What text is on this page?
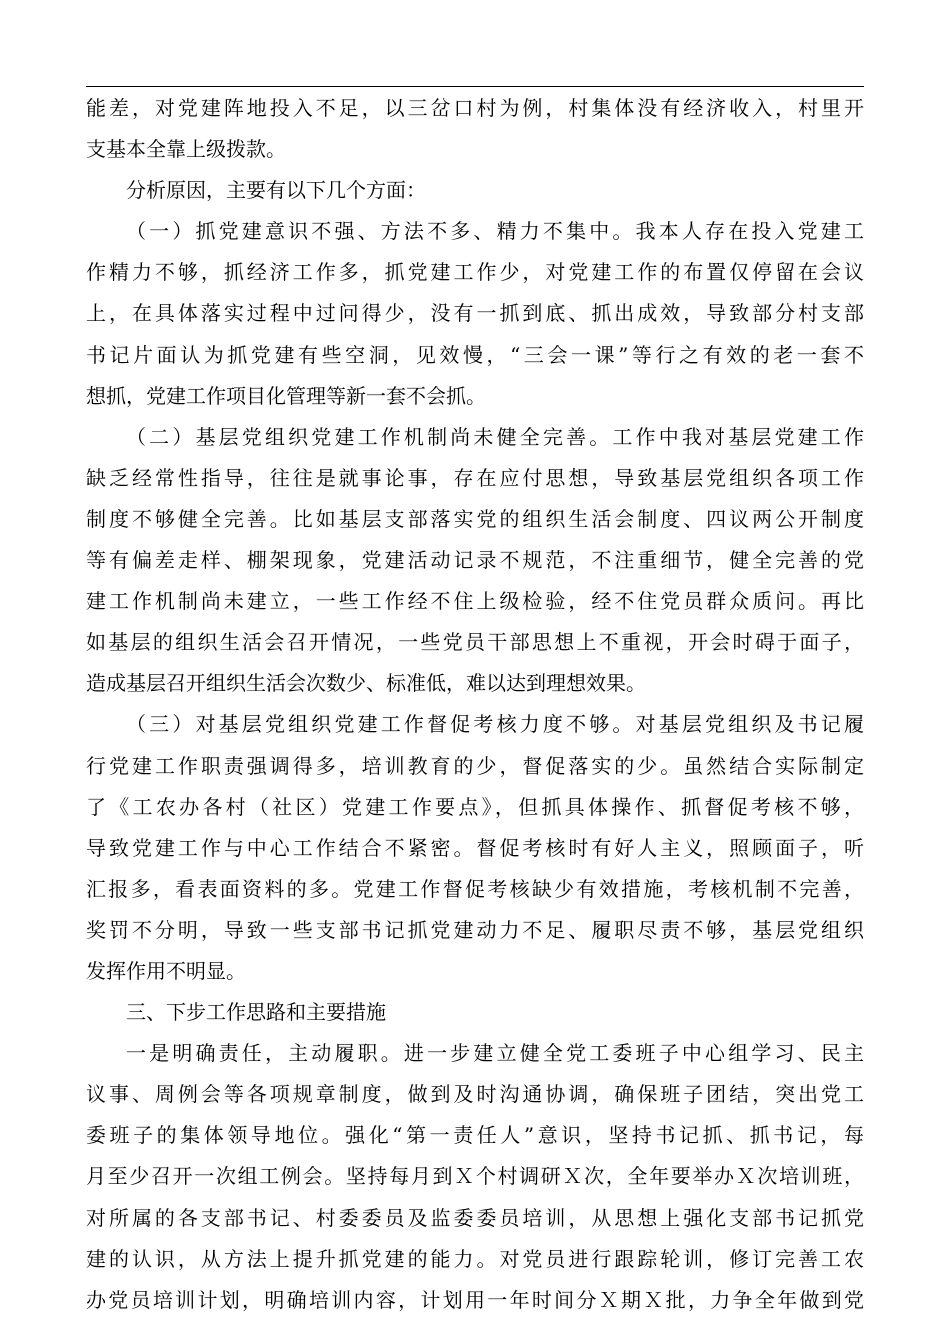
能差，对党建阵地投入不足，以三岔口村为例，村集体没有经济收入，村里开
支基本全靠上级拨款。
分析原因，主要有以下几个方面：
（一）抓党建意识不强、方法不多、精力不集中。我本人存在投入党建工
作精力不够，抓经济工作多，抓党建工作少，对党建工作的布置仅停留在会议
上，在具体落实过程中过问得少，没有一抓到底、抓出成效，导致部分村支部
书记片面认为抓党建有些空洞，见效慢，“三会一课”等行之有效的老一套不
想抓，党建工作项目化管理等新一套不会抓。
（二）基层党组织党建工作机制尚未健全完善。工作中我对基层党建工作
缺乏经常性指导，往往是就事论事，存在应付思想，导致基层党组织各项工作
制度不够健全完善。比如基层支部落实党的组织生活会制度、四议两公开制度
等有偏差走样、棚架现象，党建活动记录不规范，不注重细节，健全完善的党
建工作机制尚未建立，一些工作经不住上级检验，经不住党员群众质问。再比
如基层的组织生活会召开情况，一些党员干部思想上不重视，开会时碍于面子，
造成基层召开组织生活会次数少、标准低，难以达到理想效果。
（三）对基层党组织党建工作督促考核力度不够。对基层党组织及书记履
行党建工作职责强调得多，培训教育的少，督促落实的少。虽然结合实际制定
了《工农办各村（社区）党建工作要点》，但抓具体操作、抓督促考核不够，
导致党建工作与中心工作结合不紧密。督促考核时有好人主义，照顾面子，听
汇报多，看表面资料的多。党建工作督促考核缺少有效措施，考核机制不完善，
奖罚不分明，导致一些支部书记抓党建动力不足、履职尽责不够，基层党组织
发挥作用不明显。
三、下步工作思路和主要措施
一是明确责任，主动履职。进一步建立健全党工委班子中心组学习、民主
议事、周例会等各项规章制度，做到及时沟通协调，确保班子团结，突出党工
委班子的集体领导地位。强化“第一责任人”意识，坚持书记抓、抓书记，每
月至少召开一次组工例会。坚持每月到Ｘ个村调研Ｘ次，全年要举办Ｘ次培训班，
对所属的各支部书记、村委委员及监委委员培训，从思想上强化支部书记抓党
建的认识，从方法上提升抓党建的能力。对党员进行跟踪轮训，修订完善工农
办党员培训计划，明确培训内容，计划用一年时间分Ｘ期Ｘ批，力争全年做到党
